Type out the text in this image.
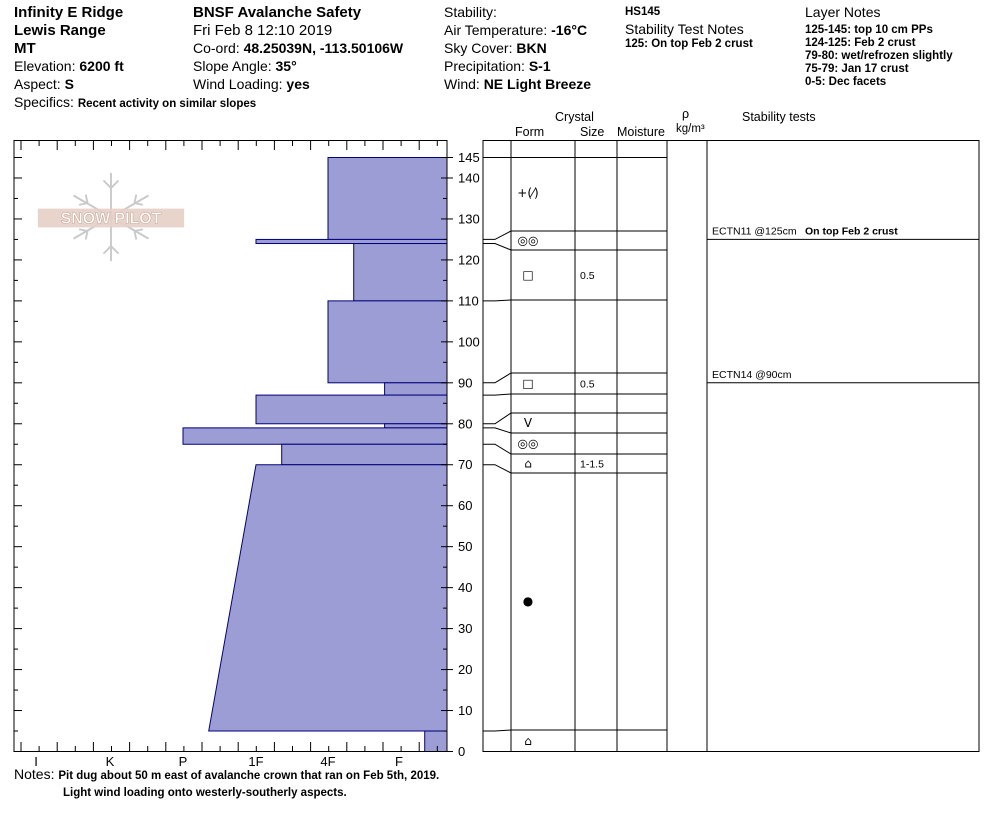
Infinity E Ridge
Lewis Range
MT
Elevation: 6200 ft
Aspect: S
Specifics: Recent activity on similar slopes
BNSF Avalanche Safety
Fri Feb 8 12:10 2019
Co-ord: 48.25039N, -113.50106W
Slope Angle: 35°
Wind Loading: yes
Stability:
Air Temperature: -16°C
Sky Cover: BKN
Precipitation: S-1
Wind: NE Light Breeze
HS145
Stability Test Notes
125: On top Feb 2 crust
Layer Notes
125-145: top 10 cm PPs
124-125: Feb 2 crust
79-80: wet/refrozen slightly
75-79: Jan 17 crust
0-5: Dec facets
Crystal
Form	Size Moisture
ρ
kg/m³
Stability tests
SNOW PILOT
0
10
20
30
40
50
60
70
80
90
100
110
120
130
140
145
I	K	P	1F	4F	F
+(⁄)
◎◎
□	0.5
□	0.5
V
◎◎
⌂	1-1.5
●
⌂
ECTN11 @125cm On top Feb 2 crust
ECTN14 @90cm
Notes: Pit dug about 50 m east of avalanche crown that ran on Feb 5th, 2019.
Light wind loading onto westerly-southerly aspects.
